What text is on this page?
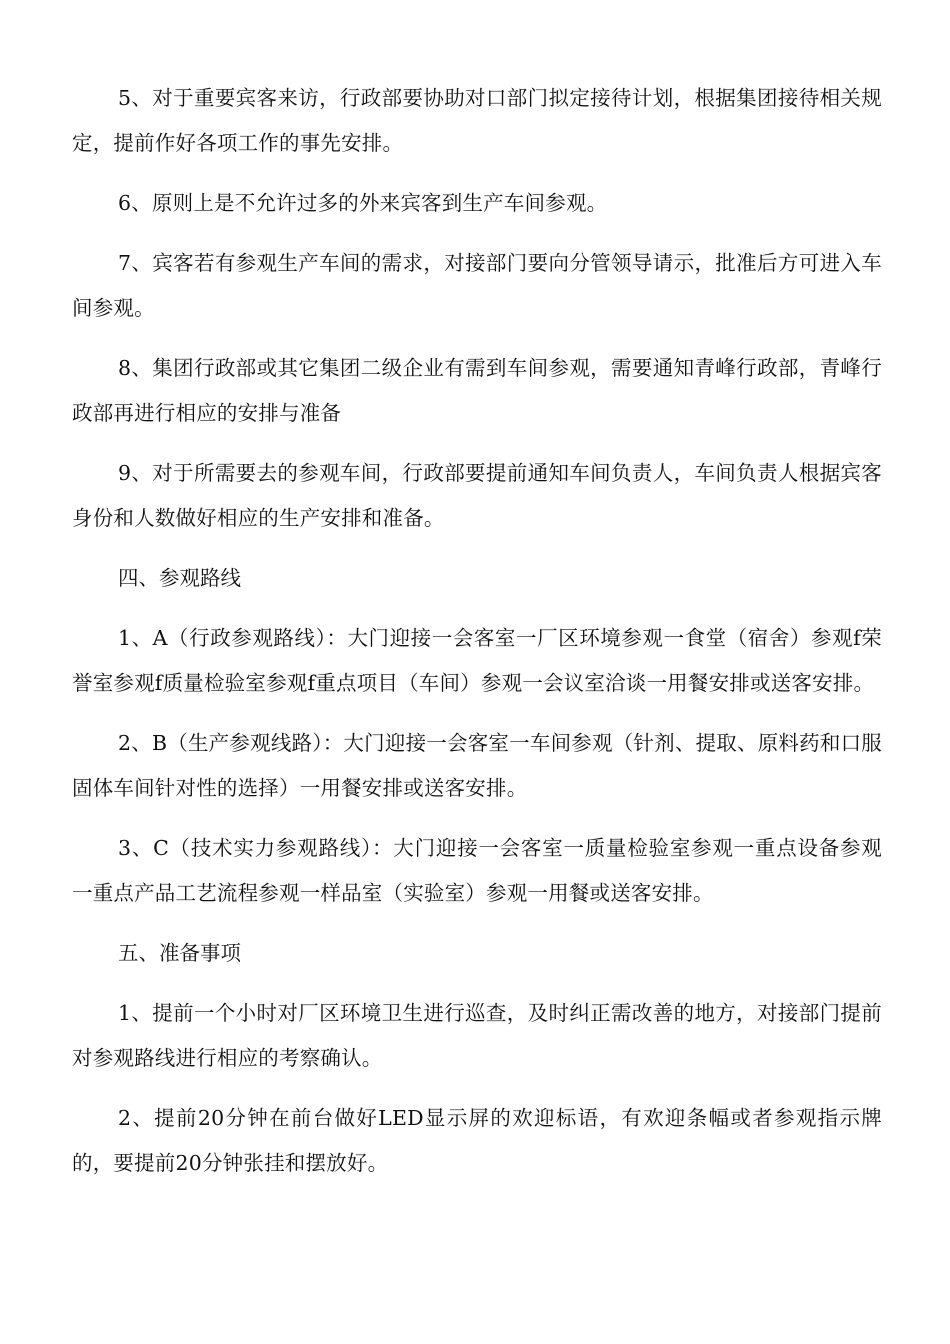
5、对于重要宾客来访，行政部要协助对口部门拟定接待计划，根据集团接待相关规定，提前作好各项工作的事先安排。

6、原则上是不允许过多的外来宾客到生产车间参观。

7、宾客若有参观生产车间的需求，对接部门要向分管领导请示，批准后方可进入车间参观。

8、集团行政部或其它集团二级企业有需到车间参观，需要通知青峰行政部，青峰行政部再进行相应的安排与准备

9、对于所需要去的参观车间，行政部要提前通知车间负责人，车间负责人根据宾客身份和人数做好相应的生产安排和准备。

四、参观路线

1、A（行政参观路线）：大门迎接一会客室一厂区环境参观一食堂（宿舍）参观f荣誉室参观f质量检验室参观f重点项目（车间）参观一会议室洽谈一用餐安排或送客安排。

2、B（生产参观线路）：大门迎接一会客室一车间参观（针剂、提取、原料药和口服固体车间针对性的选择）一用餐安排或送客安排。

3、C（技术实力参观路线）：大门迎接一会客室一质量检验室参观一重点设备参观一重点产品工艺流程参观一样品室（实验室）参观一用餐或送客安排。

五、准备事项

1、提前一个小时对厂区环境卫生进行巡查，及时纠正需改善的地方，对接部门提前对参观路线进行相应的考察确认。

2、提前20分钟在前台做好LED显示屏的欢迎标语，有欢迎条幅或者参观指示牌的，要提前20分钟张挂和摆放好。
